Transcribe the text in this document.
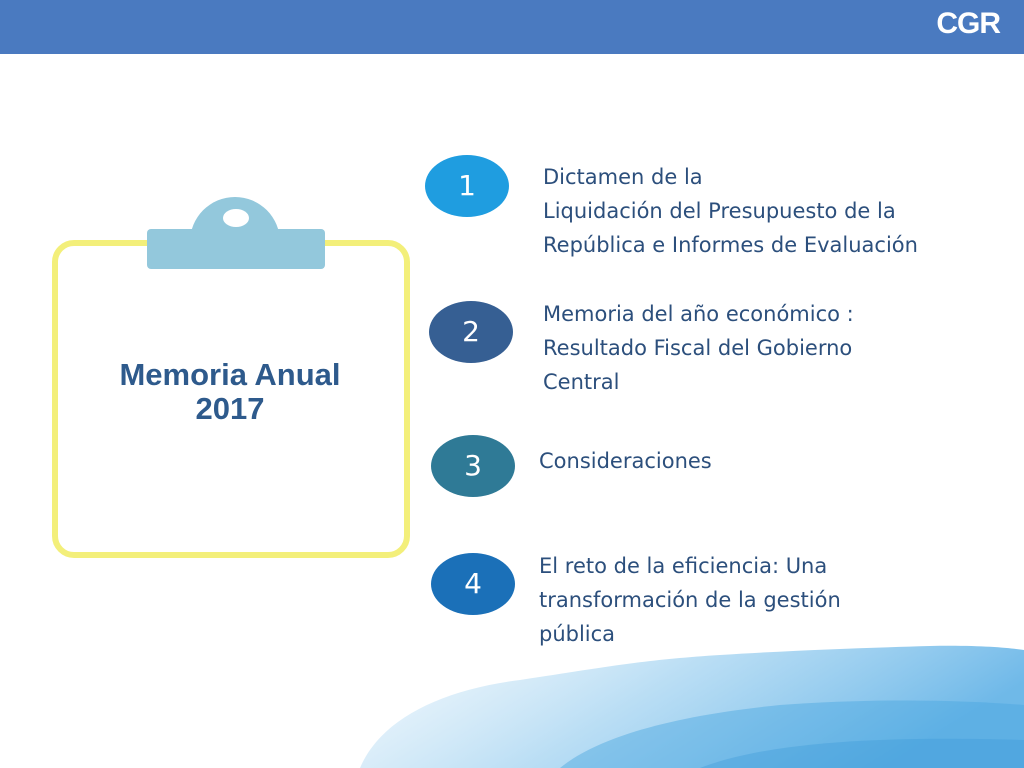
CGR
Memoria Anual
2017
1	Dictamen de la
Liquidación del Presupuesto de la
República e Informes de Evaluación
2
Memoria del año económico :
Resultado Fiscal del Gobierno
Central
3	Consideraciones
4
El reto de la eficiencia: Una
transformación de la gestión
pública
